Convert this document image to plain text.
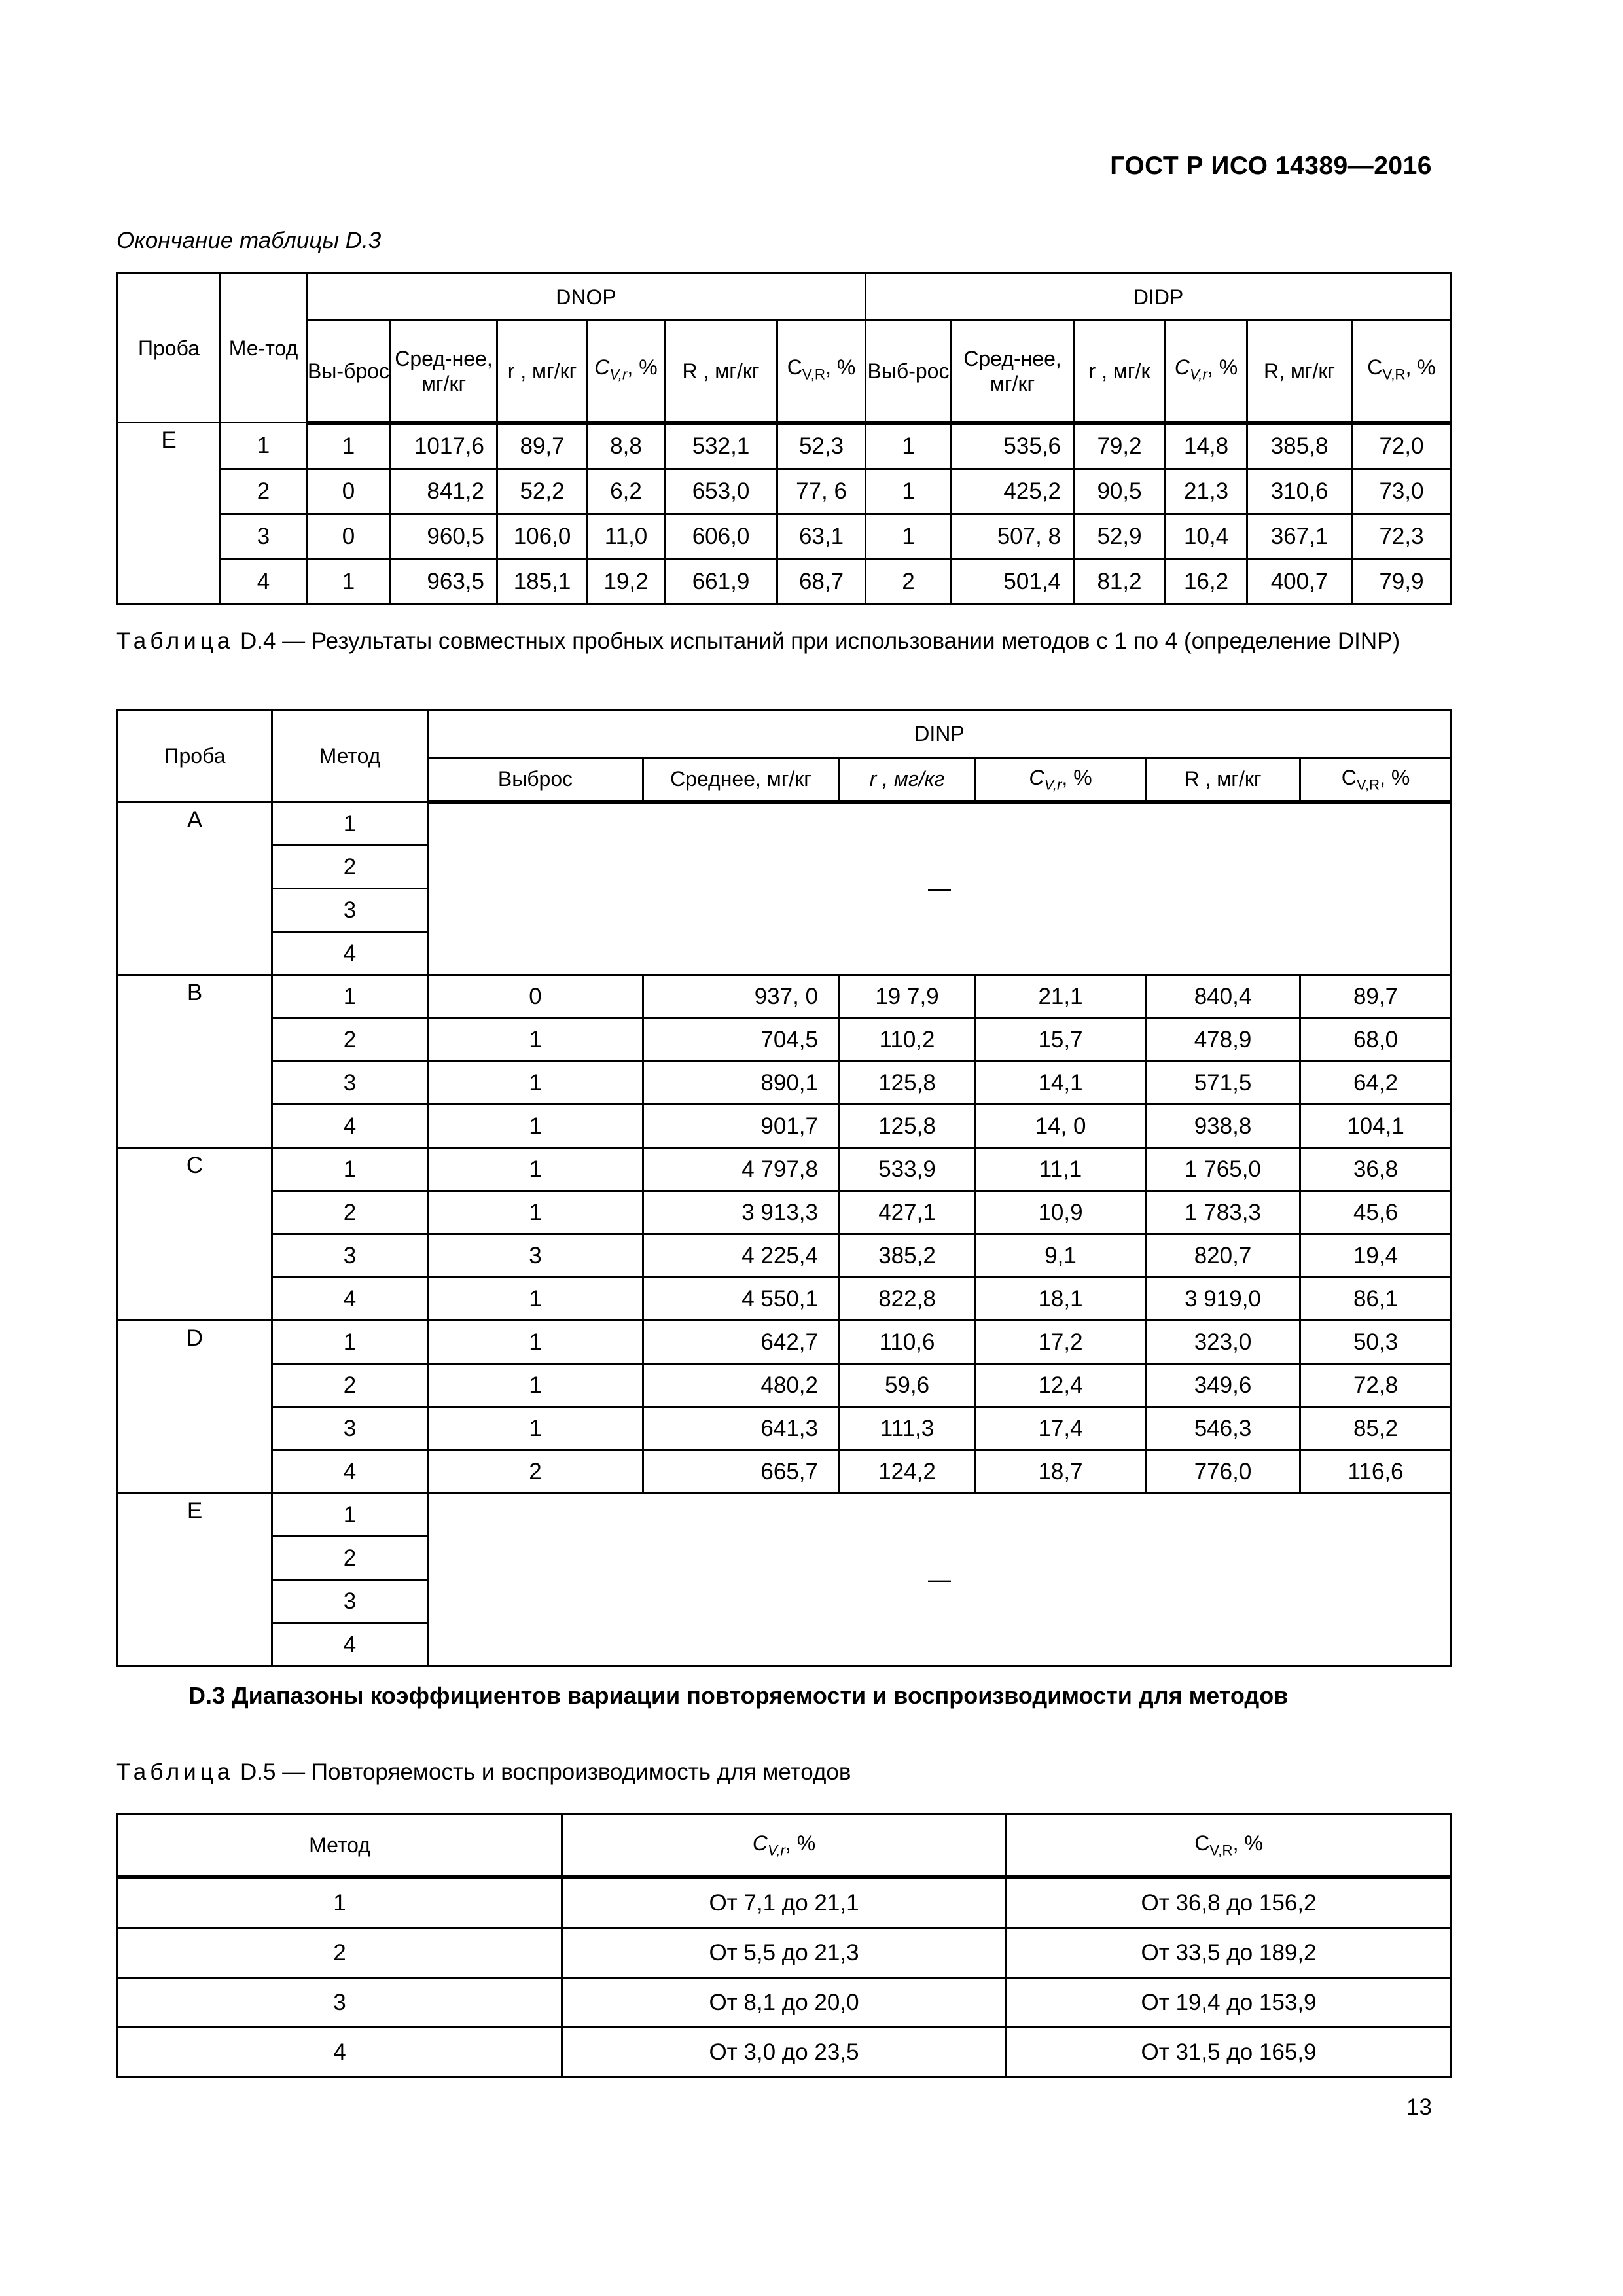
ГОСТ Р ИСО 14389—2016
Окончание таблицы D.3
Проба	Ме-тод	DNOP						DIDP					
		Вы-брос	Сред-нее, мг/кг	r , мг/кг	$C_{V,r}$, %	R , мг/кг	$C_{V,R}$, %	Выб-рос	Сред-нее, мг/кг	r , мг/к	$C_{V,r}$, %	R, мг/кг	$C_{V,R}$, %
E	1	1	1017,6	89,7	8,8	532,1	52,3	1	535,6	79,2	14,8	385,8	72,0
	2	0	841,2	52,2	6,2	653,0	77, 6	1	425,2	90,5	21,3	310,6	73,0
	3	0	960,5	106,0	11,0	606,0	63,1	1	507, 8	52,9	10,4	367,1	72,3
	4	1	963,5	185,1	19,2	661,9	68,7	2	501,4	81,2	16,2	400,7	79,9
Таблица D.4 — Результаты совместных пробных испытаний при использовании методов с 1 по 4 (определение DINP)
Проба	Метод	DINP					
		Выброс	Среднее, мг/кг	r , мг/кг	$C_{V,r}$, %	R , мг/кг	$C_{V,R}$, %
A	1	—					
	2						
	3						
	4						
B	1	0	937, 0	19 7,9	21,1	840,4	89,7
	2	1	704,5	110,2	15,7	478,9	68,0
	3	1	890,1	125,8	14,1	571,5	64,2
	4	1	901,7	125,8	14, 0	938,8	104,1
C	1	1	4 797,8	533,9	11,1	1 765,0	36,8
	2	1	3 913,3	427,1	10,9	1 783,3	45,6
	3	3	4 225,4	385,2	9,1	820,7	19,4
	4	1	4 550,1	822,8	18,1	3 919,0	86,1
D	1	1	642,7	110,6	17,2	323,0	50,3
	2	1	480,2	59,6	12,4	349,6	72,8
	3	1	641,3	111,3	17,4	546,3	85,2
	4	2	665,7	124,2	18,7	776,0	116,6
E	1	—					
	2						
	3						
	4						
D.3 Диапазоны коэффициентов вариации повторяемости и воспроизводимости для методов
Таблица D.5 — Повторяемость и воспроизводимость для методов
Метод	$C_{V,r}$, %	$C_{V,R}$, %
1	От 7,1 до 21,1	От 36,8 до 156,2
2	От 5,5 до 21,3	От 33,5 до 189,2
3	От 8,1 до 20,0	От 19,4 до 153,9
4	От 3,0 до 23,5	От 31,5 до 165,9
13
